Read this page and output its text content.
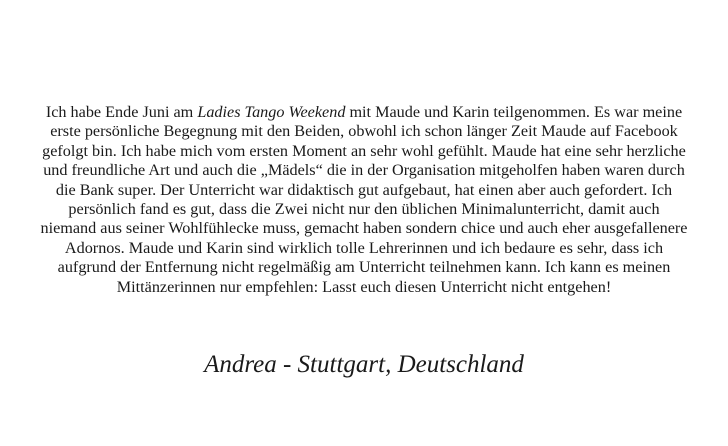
Ich habe Ende Juni am Ladies Tango Weekend mit Maude und Karin teilgenommen. Es war meine erste persönliche Begegnung mit den Beiden, obwohl ich schon länger Zeit Maude auf Facebook gefolgt bin. Ich habe mich vom ersten Moment an sehr wohl gefühlt. Maude hat eine sehr herzliche und freundliche Art und auch die „Mädels“ die in der Organisation mitgeholfen haben waren durch die Bank super. Der Unterricht war didaktisch gut aufgebaut, hat einen aber auch gefordert. Ich persönlich fand es gut, dass die Zwei nicht nur den üblichen Minimalunterricht, damit auch niemand aus seiner Wohlfühlecke muss, gemacht haben sondern chice und auch eher ausgefallenere Adornos. Maude und Karin sind wirklich tolle Lehrerinnen und ich bedaure es sehr, dass ich aufgrund der Entfernung nicht regelmäßig am Unterricht teilnehmen kann. Ich kann es meinen Mittänzerinnen nur empfehlen: Lasst euch diesen Unterricht nicht entgehen!

Andrea - Stuttgart, Deutschland
